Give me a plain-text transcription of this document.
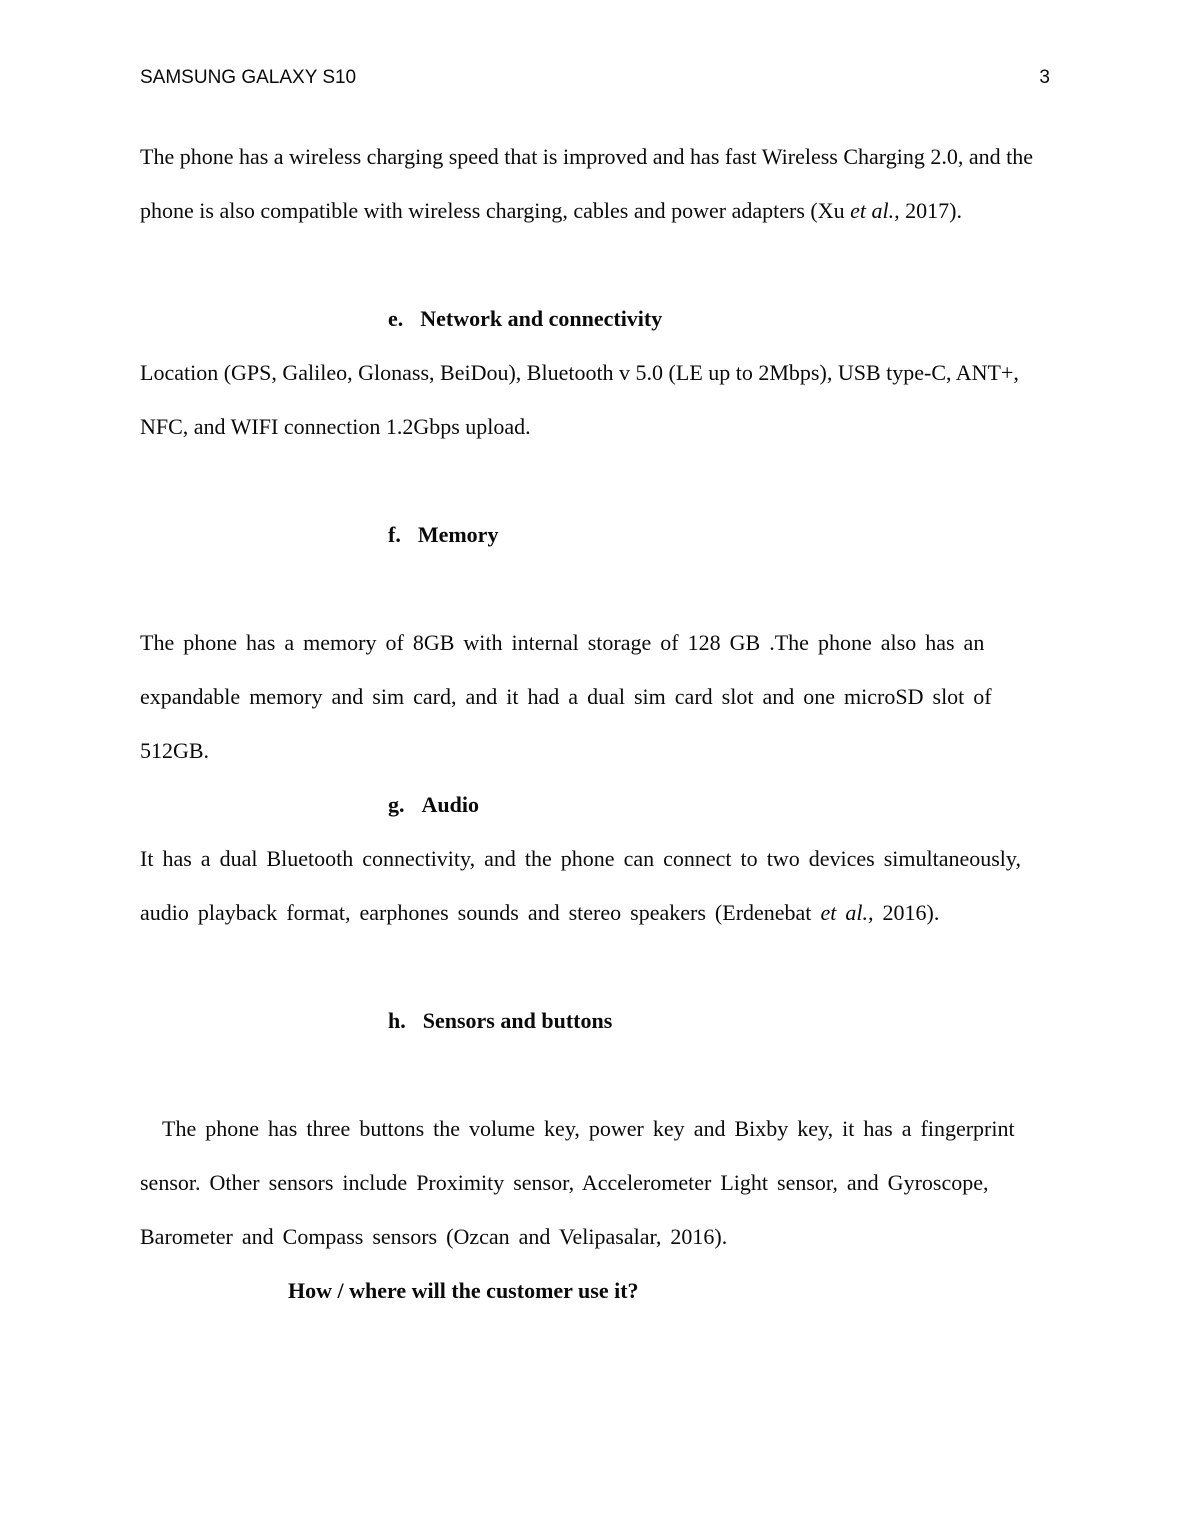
SAMSUNG GALAXY S10	3

The phone has a wireless charging speed that is improved and has fast Wireless Charging 2.0, and the phone is also compatible with wireless charging, cables and power adapters (Xu et al., 2017).

e. Network and connectivity

Location (GPS, Galileo, Glonass, BeiDou), Bluetooth v 5.0 (LE up to 2Mbps), USB type-C, ANT+, NFC, and WIFI connection 1.2Gbps upload.

f. Memory

The phone has a memory of 8GB with internal storage of 128 GB .The phone also has an expandable memory and sim card, and it had a dual sim card slot and one microSD slot of 512GB.

g. Audio

It has a dual Bluetooth connectivity, and the phone can connect to two devices simultaneously, audio playback format, earphones sounds and stereo speakers (Erdenebat et al., 2016).

h. Sensors and buttons

The phone has three buttons the volume key, power key and Bixby key, it has a fingerprint sensor. Other sensors include Proximity sensor, Accelerometer Light sensor, and Gyroscope, Barometer and Compass sensors (Ozcan and Velipasalar, 2016).

How / where will the customer use it?
